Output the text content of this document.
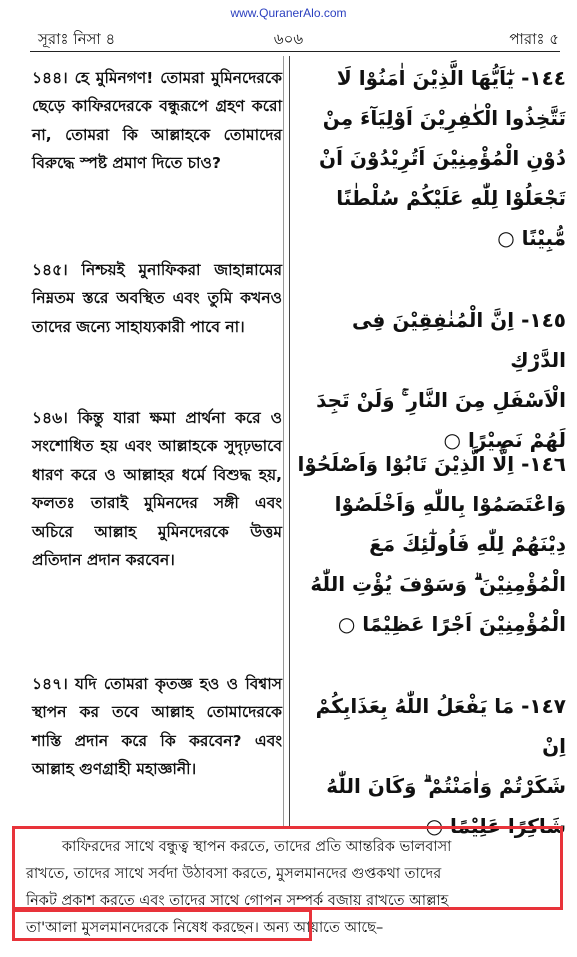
www.QuranerAlo.com
সূরাঃ নিসা ৪	৬০৬	পারাঃ ৫
১৪৪। হে মুমিনগণ! তোমরা মুমিনদেরকে ছেড়ে কাফিরদেরকে বন্ধুরূপে গ্রহণ করো না, তোমরা কি আল্লাহকে তোমাদের বিরুদ্ধে স্পষ্ট প্রমাণ দিতে চাও?
١٤٤- يٰٓاَيُّهَا الَّذِيْنَ اٰمَنُوْا لَا
تَتَّخِذُوا الْكٰفِرِيْنَ اَوْلِيَآءَ مِنْ
دُوْنِ الْمُؤْمِنِيْنَ اَتُرِيْدُوْنَ اَنْ
تَجْعَلُوْا لِلّٰهِ عَلَيْكُمْ سُلْطٰنًا
مُّبِيْنًا ○
১৪৫। নিশ্চয়ই মুনাফিকরা জাহান্নামের নিম্নতম স্তরে অবস্থিত এবং তুমি কখনও তাদের জন্যে সাহায্যকারী পাবে না।	١٤٥- اِنَّ الْمُنٰفِقِيْنَ فِى الدَّرْكِ
الْاَسْفَلِ مِنَ النَّارِ ۚ وَلَنْ تَجِدَ
لَهُمْ نَصِيْرًا ○
১৪৬। কিন্তু যারা ক্ষমা প্রার্থনা করে ও সংশোধিত হয় এবং আল্লাহকে সুদৃঢ়ভাবে ধারণ করে ও আল্লাহর ধর্মে বিশুদ্ধ হয়, ফলতঃ তারাই মুমিনদের সঙ্গী এবং অচিরে আল্লাহ মুমিনদেরকে উত্তম প্রতিদান প্রদান করবেন।
١٤٦- اِلَّا الَّذِيْنَ تَابُوْا وَاَصْلَحُوْا
وَاعْتَصَمُوْا بِاللّٰهِ وَاَخْلَصُوْا
دِيْنَهُمْ لِلّٰهِ فَاُولٰٓئِكَ مَعَ
الْمُؤْمِنِيْنَ ۗ وَسَوْفَ يُؤْتِ اللّٰهُ
الْمُؤْمِنِيْنَ اَجْرًا عَظِيْمًا ○
১৪৭। যদি তোমরা কৃতজ্ঞ হও ও বিশ্বাস স্থাপন কর তবে আল্লাহ তোমাদেরকে শাস্তি প্রদান করে কি করবেন? এবং আল্লাহ গুণগ্রাহী মহাজ্ঞানী।
١٤٧- مَا يَفْعَلُ اللّٰهُ بِعَذَابِكُمْ اِنْ
شَكَرْتُمْ وَاٰمَنْتُمْ ۗ وَكَانَ اللّٰهُ
شَاكِرًا عَلِيْمًا ○
কাফিরদের সাথে বন্ধুত্ব স্থাপন করতে, তাদের প্রতি আন্তরিক ভালবাসা
রাখতে, তাদের সাথে সর্বদা উঠাবসা করতে, মুসলমানদের গুপ্তকথা তাদের
নিকট প্রকাশ করতে এবং তাদের সাথে গোপন সম্পর্ক বজায় রাখতে আল্লাহ
তা'আলা মুসলমানদেরকে নিষেধ করছেন। অন্য আয়াতে আছে–
